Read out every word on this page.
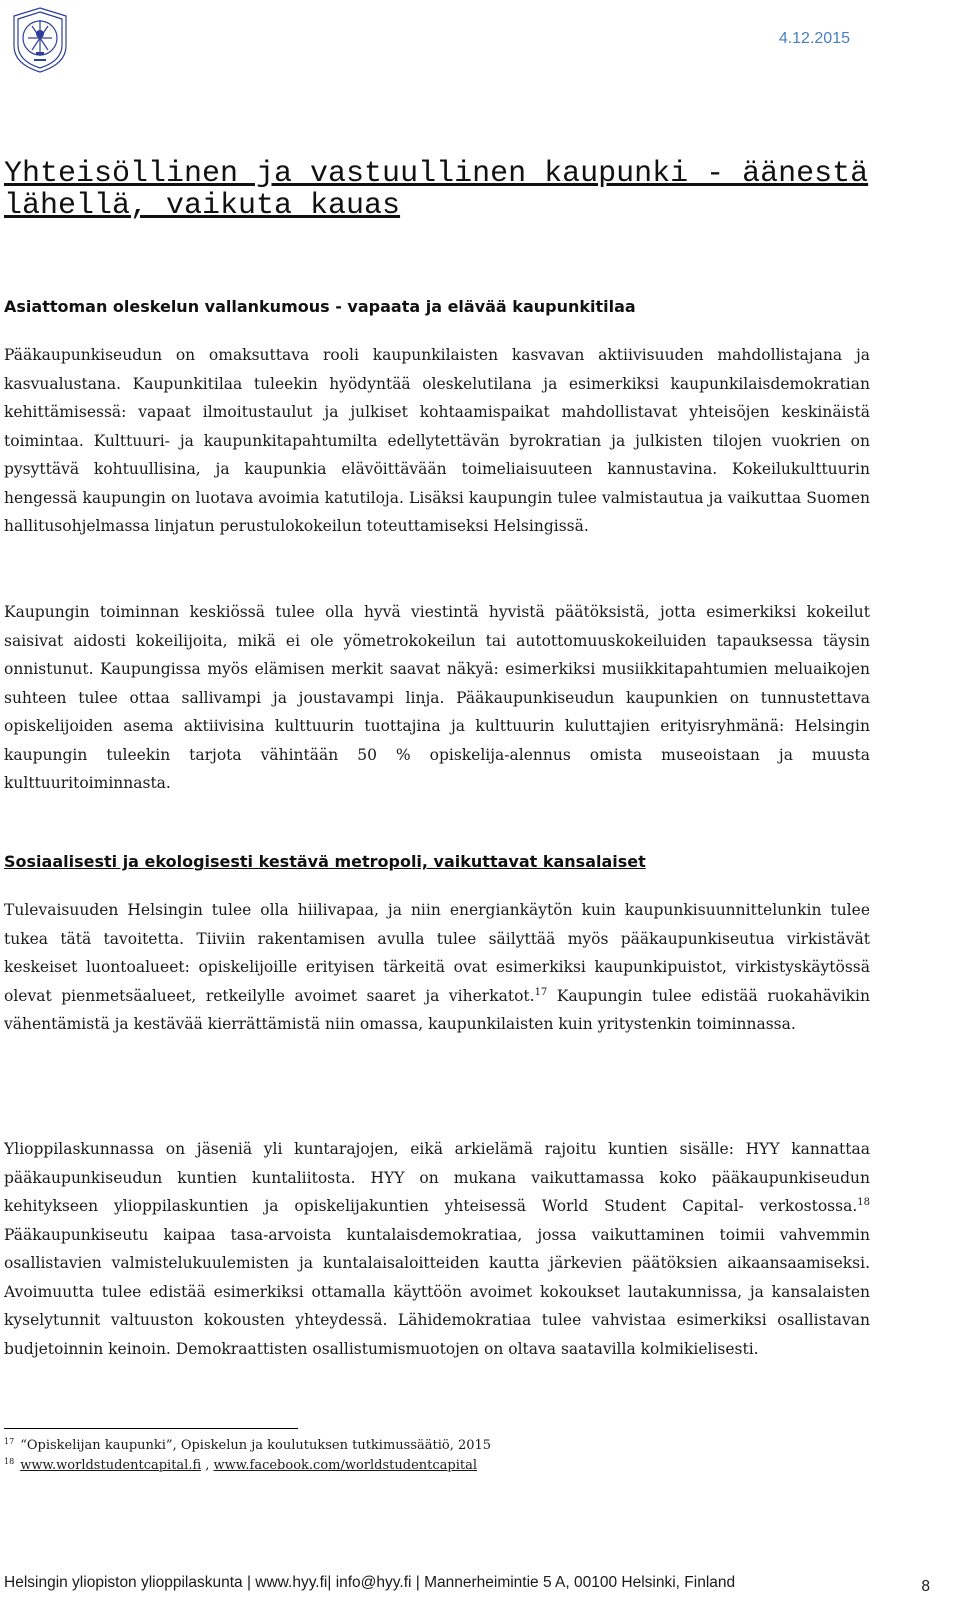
4.12.2015
Yhteisöllinen ja vastuullinen kaupunki - äänestä lähellä, vaikuta kauas
Asiattoman oleskelun vallankumous - vapaata ja elävää kaupunkitilaa

Pääkaupunkiseudun on omaksuttava rooli kaupunkilaisten kasvavan aktiivisuuden mahdollistajana ja kasvualustana. Kaupunkitilaa tuleekin hyödyntää oleskelutilana ja esimerkiksi kaupunkilaisdemokratian kehittämisessä: vapaat ilmoitustaulut ja julkiset kohtaamispaikat mahdollistavat yhteisöjen keskinäistä toimintaa. Kulttuuri- ja kaupunkitapahtumilta edellytettävän byrokratian ja julkisten tilojen vuokrien on pysyttävä kohtuullisina, ja kaupunkia elävöittävään toimeliaisuuteen kannustavina. Kokeilukulttuurin hengessä kaupungin on luotava avoimia katutiloja. Lisäksi kaupungin tulee valmistautua ja vaikuttaa Suomen hallitusohjelmassa linjatun perustulokokeilun toteuttamiseksi Helsingissä.

Kaupungin toiminnan keskiössä tulee olla hyvä viestintä hyvistä päätöksistä, jotta esimerkiksi kokeilut saisivat aidosti kokeilijoita, mikä ei ole yömetrokokeilun tai autottomuuskokeiluiden tapauksessa täysin onnistunut. Kaupungissa myös elämisen merkit saavat näkyä: esimerkiksi musiikkitapahtumien meluaikojen suhteen tulee ottaa sallivampi ja joustavampi linja. Pääkaupunkiseudun kaupunkien on tunnustettava opiskelijoiden asema aktiivisina kulttuurin tuottajina ja kulttuurin kuluttajien erityisryhmänä: Helsingin kaupungin tuleekin tarjota vähintään 50 % opiskelija-alennus omista museoistaan ja muusta kulttuuritoiminnasta.

Sosiaalisesti ja ekologisesti kestävä metropoli, vaikuttavat kansalaiset

Tulevaisuuden Helsingin tulee olla hiilivapaa, ja niin energiankäytön kuin kaupunkisuunnittelunkin tulee tukea tätä tavoitetta. Tiiviin rakentamisen avulla tulee säilyttää myös pääkaupunkiseutua virkistävät keskeiset luontoalueet: opiskelijoille erityisen tärkeitä ovat esimerkiksi kaupunkipuistot, virkistyskäytössä olevat pienmetsäalueet, retkeilylle avoimet saaret ja viherkatot.$^{17}$ Kaupungin tulee edistää ruokahävikin vähentämistä ja kestävää kierrättämistä niin omassa, kaupunkilaisten kuin yritystenkin toiminnassa.

Ylioppilaskunnassa on jäseniä yli kuntarajojen, eikä arkielämä rajoitu kuntien sisälle: HYY kannattaa pääkaupunkiseudun kuntien kuntaliitosta. HYY on mukana vaikuttamassa koko pääkaupunkiseudun kehitykseen ylioppilaskuntien ja opiskelijakuntien yhteisessä World Student Capital- verkostossa.$^{18}$ Pääkaupunkiseutu kaipaa tasa-arvoista kuntalaisdemokratiaa, jossa vaikuttaminen toimii vahvemmin osallistavien valmistelukuulemisten ja kuntalaisaloitteiden kautta järkevien päätöksien aikaansaamiseksi. Avoimuutta tulee edistää esimerkiksi ottamalla käyttöön avoimet kokoukset lautakunnissa, ja kansalaisten kyselytunnit valtuuston kokousten yhteydessä. Lähidemokratiaa tulee vahvistaa esimerkiksi osallistavan budjetoinnin keinoin. Demokraattisten osallistumismuotojen on oltava saatavilla kolmikielisesti.

$^{17}$ “Opiskelijan kaupunki”, Opiskelun ja koulutuksen tutkimussäätiö, 2015

$^{18}$ www.worldstudentcapital.fi , www.facebook.com/worldstudentcapital

Helsingin yliopiston ylioppilaskunta | www.hyy.fi| info@hyy.fi | Mannerheimintie 5 A, 00100 Helsinki, Finland	8
